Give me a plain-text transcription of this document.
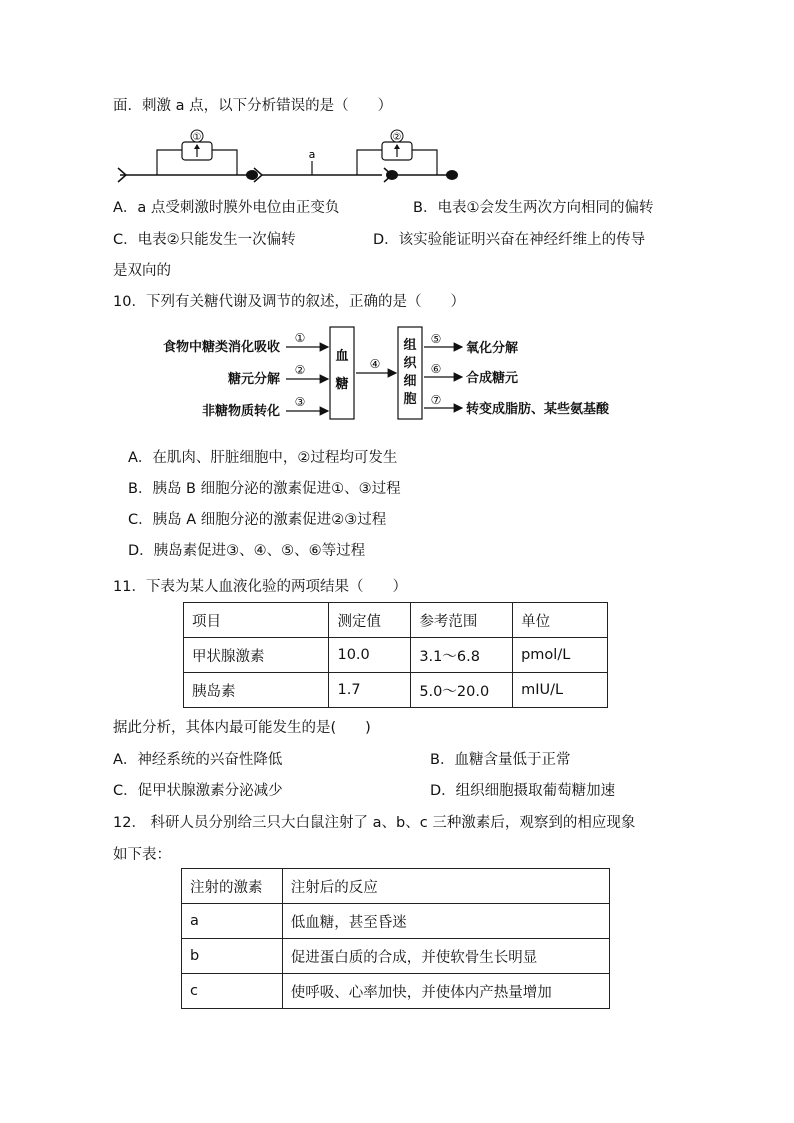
面．刺激 a 点，以下分析错误的是（　　）
①
a
②
A．a 点受刺激时膜外电位由正变负	B．电表①会发生两次方向相同的偏转
C．电表②只能发生一次偏转	D．该实验能证明兴奋在神经纤维上的传导
是双向的
10．下列有关糖代谢及调节的叙述，正确的是（　　）
食物中糖类消化吸收
糖元分解
非糖物质转化
①
②
③
血
糖
④
组
织
细
胞
⑤
⑥
⑦
氧化分解
合成糖元
转变成脂肪、某些氨基酸
A．在肌肉、肝脏细胞中，②过程均可发生
B．胰岛 B 细胞分泌的激素促进①、③过程
C．胰岛 A 细胞分泌的激素促进②③过程
D．胰岛素促进③、④、⑤、⑥等过程
11．下表为某人血液化验的两项结果（　　）
项目	测定值	参考范围	单位
甲状腺激素	10.0	3.1～6.8	pmol/L
胰岛素	1.7	5.0～20.0	mIU/L
据此分析，其体内最可能发生的是(　　)
A．神经系统的兴奋性降低	B．血糖含量低于正常
C．促甲状腺激素分泌减少	D．组织细胞摄取葡萄糖加速
12． 科研人员分别给三只大白鼠注射了 a、b、c 三种激素后，观察到的相应现象
如下表：
注射的激素	注射后的反应
a	低血糖，甚至昏迷
b	促进蛋白质的合成，并使软骨生长明显
c	使呼吸、心率加快，并使体内产热量增加
